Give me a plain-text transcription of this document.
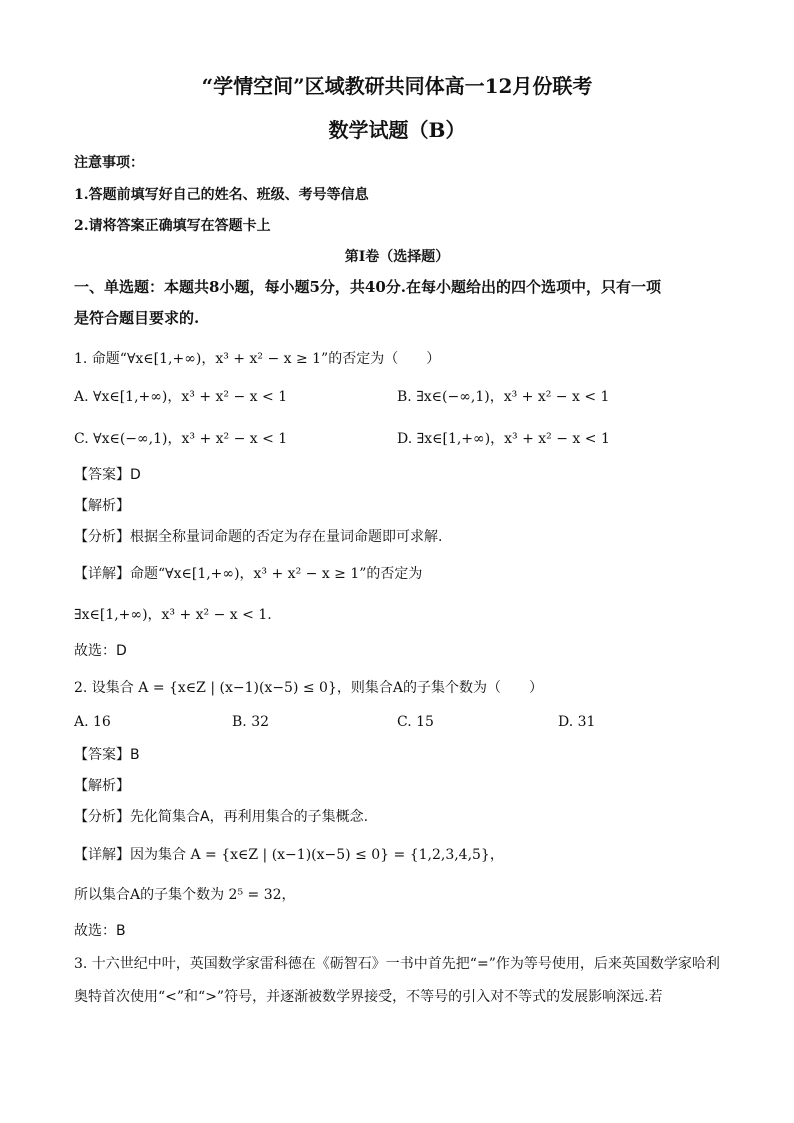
“学情空间”区域教研共同体高一12月份联考
数学试题（B）
注意事项：
1.答题前填写好自己的姓名、班级、考号等信息
2.请将答案正确填写在答题卡上
第Ⅰ卷（选择题）
一、单选题：本题共8小题，每小题5分，共40分.在每小题给出的四个选项中，只有一项
是符合题目要求的.
1. 命题“∀x∈[1,+∞)，x³ + x² − x ≥ 1”的否定为（　　）
A. ∀x∈[1,+∞)，x³ + x² − x < 1	B. ∃x∈(−∞,1)，x³ + x² − x < 1
C. ∀x∈(−∞,1)，x³ + x² − x < 1	D. ∃x∈[1,+∞)，x³ + x² − x < 1
【答案】D
【解析】
【分析】根据全称量词命题的否定为存在量词命题即可求解.
【详解】命题“∀x∈[1,+∞)，x³ + x² − x ≥ 1”的否定为
∃x∈[1,+∞)，x³ + x² − x < 1.
故选：D
2. 设集合 A = {x∈Z | (x−1)(x−5) ≤ 0}，则集合A的子集个数为（　　）
A. 16	B. 32	C. 15	D. 31
【答案】B
【解析】
【分析】先化简集合A，再利用集合的子集概念.
【详解】因为集合 A = {x∈Z | (x−1)(x−5) ≤ 0} = {1,2,3,4,5}，
所以集合A的子集个数为 2⁵ = 32，
故选：B
3. 十六世纪中叶，英国数学家雷科德在《砺智石》一书中首先把“=”作为等号使用，后来英国数学家哈利
奥特首次使用“<”和“>”符号，并逐渐被数学界接受，不等号的引入对不等式的发展影响深远.若
